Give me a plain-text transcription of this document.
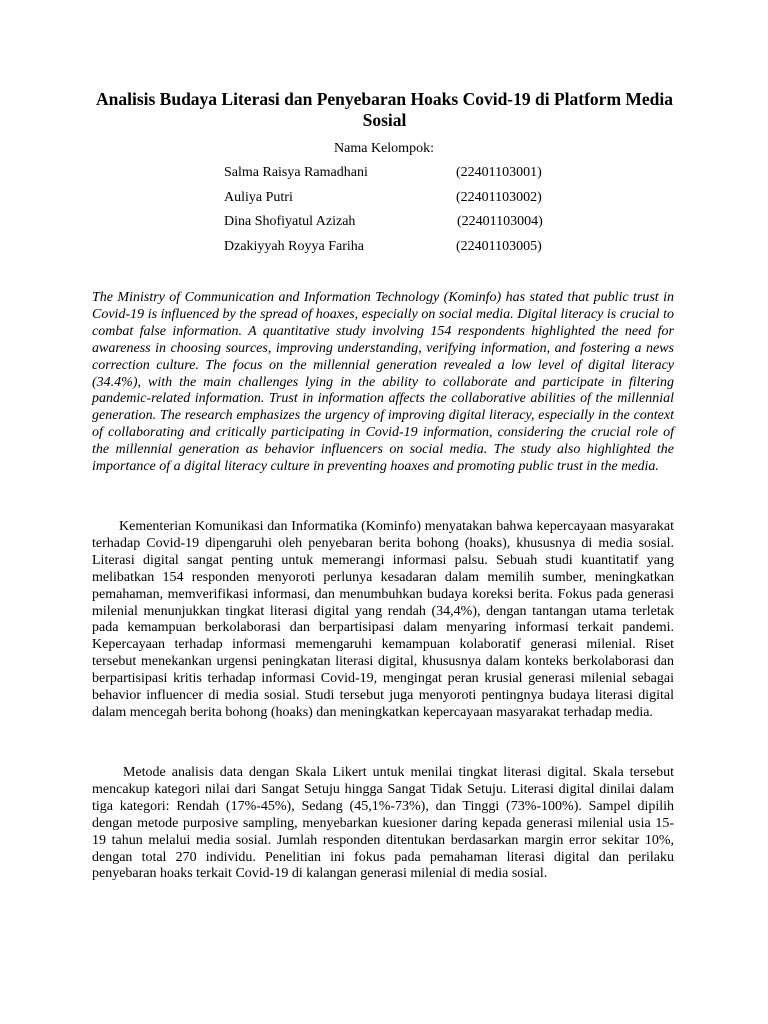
Analisis Budaya Literasi dan Penyebaran Hoaks Covid-19 di Platform Media Sosial
Nama Kelompok:
Salma Raisya Ramadhani	(22401103001)
Auliya Putri	(22401103002)
Dina Shofiyatul Azizah	(22401103004)
Dzakiyyah Royya Fariha	(22401103005)

The Ministry of Communication and Information Technology (Kominfo) has stated that public trust in Covid-19 is influenced by the spread of hoaxes, especially on social media. Digital literacy is crucial to combat false information. A quantitative study involving 154 respondents highlighted the need for awareness in choosing sources, improving understanding, verifying information, and fostering a news correction culture. The focus on the millennial generation revealed a low level of digital literacy (34.4%), with the main challenges lying in the ability to collaborate and participate in filtering pandemic-related information. Trust in information affects the collaborative abilities of the millennial generation. The research emphasizes the urgency of improving digital literacy, especially in the context of collaborating and critically participating in Covid-19 information, considering the crucial role of the millennial generation as behavior influencers on social media. The study also highlighted the importance of a digital literacy culture in preventing hoaxes and promoting public trust in the media.

Kementerian Komunikasi dan Informatika (Kominfo) menyatakan bahwa kepercayaan masyarakat terhadap Covid-19 dipengaruhi oleh penyebaran berita bohong (hoaks), khususnya di media sosial. Literasi digital sangat penting untuk memerangi informasi palsu. Sebuah studi kuantitatif yang melibatkan 154 responden menyoroti perlunya kesadaran dalam memilih sumber, meningkatkan pemahaman, memverifikasi informasi, dan menumbuhkan budaya koreksi berita. Fokus pada generasi milenial menunjukkan tingkat literasi digital yang rendah (34,4%), dengan tantangan utama terletak pada kemampuan berkolaborasi dan berpartisipasi dalam menyaring informasi terkait pandemi. Kepercayaan terhadap informasi memengaruhi kemampuan kolaboratif generasi milenial. Riset tersebut menekankan urgensi peningkatan literasi digital, khususnya dalam konteks berkolaborasi dan berpartisipasi kritis terhadap informasi Covid-19, mengingat peran krusial generasi milenial sebagai behavior influencer di media sosial. Studi tersebut juga menyoroti pentingnya budaya literasi digital dalam mencegah berita bohong (hoaks) dan meningkatkan kepercayaan masyarakat terhadap media.

Metode analisis data dengan Skala Likert untuk menilai tingkat literasi digital. Skala tersebut mencakup kategori nilai dari Sangat Setuju hingga Sangat Tidak Setuju. Literasi digital dinilai dalam tiga kategori: Rendah (17%-45%), Sedang (45,1%-73%), dan Tinggi (73%-100%). Sampel dipilih dengan metode purposive sampling, menyebarkan kuesioner daring kepada generasi milenial usia 15-19 tahun melalui media sosial. Jumlah responden ditentukan berdasarkan margin error sekitar 10%, dengan total 270 individu. Penelitian ini fokus pada pemahaman literasi digital dan perilaku penyebaran hoaks terkait Covid-19 di kalangan generasi milenial di media sosial.
